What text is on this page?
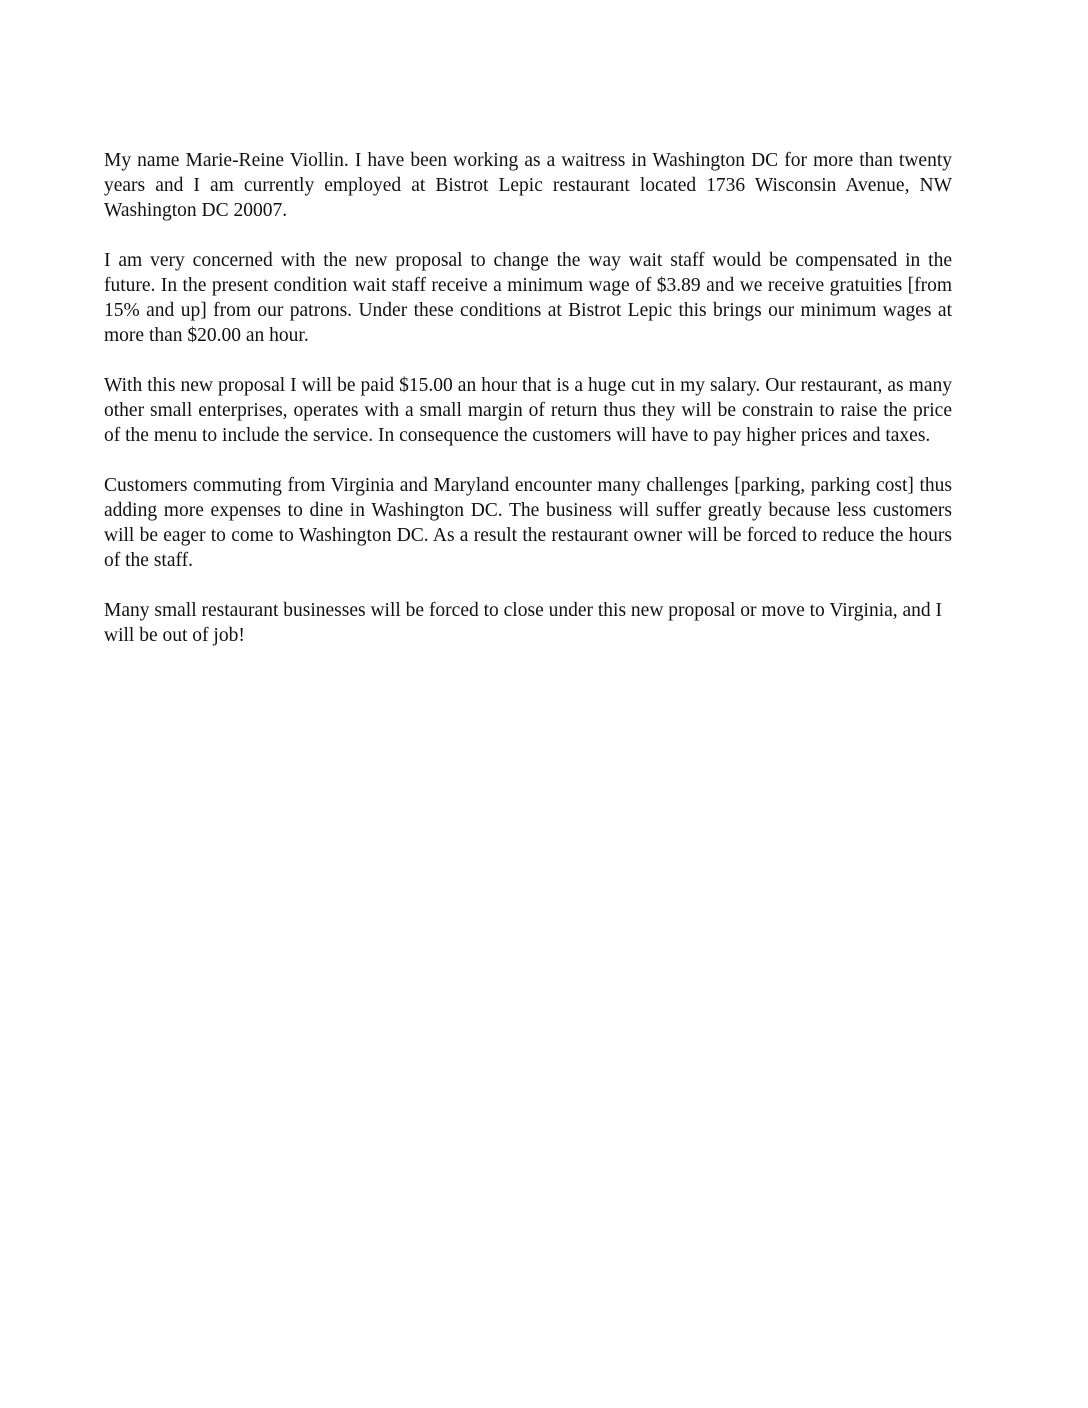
My name Marie-Reine Viollin. I have been working as a waitress in Washington DC for more than twenty years and I am currently employed at Bistrot Lepic restaurant located 1736 Wisconsin Avenue, NW Washington DC 20007.

I am very concerned with the new proposal to change the way wait staff would be compensated in the future. In the present condition wait staff receive a minimum wage of $3.89 and we receive gratuities [from 15% and up] from our patrons. Under these conditions at Bistrot Lepic this brings our minimum wages at more than $20.00 an hour.

With this new proposal I will be paid $15.00 an hour that is a huge cut in my salary. Our restaurant, as many other small enterprises, operates with a small margin of return thus they will be constrain to raise the price of the menu to include the service. In consequence the customers will have to pay higher prices and taxes.

Customers commuting from Virginia and Maryland encounter many challenges [parking, parking cost] thus adding more expenses to dine in Washington DC. The business will suffer greatly because less customers will be eager to come to Washington DC. As a result the restaurant owner will be forced to reduce the hours of the staff.

Many small restaurant businesses will be forced to close under this new proposal or move to Virginia, and I will be out of job!
